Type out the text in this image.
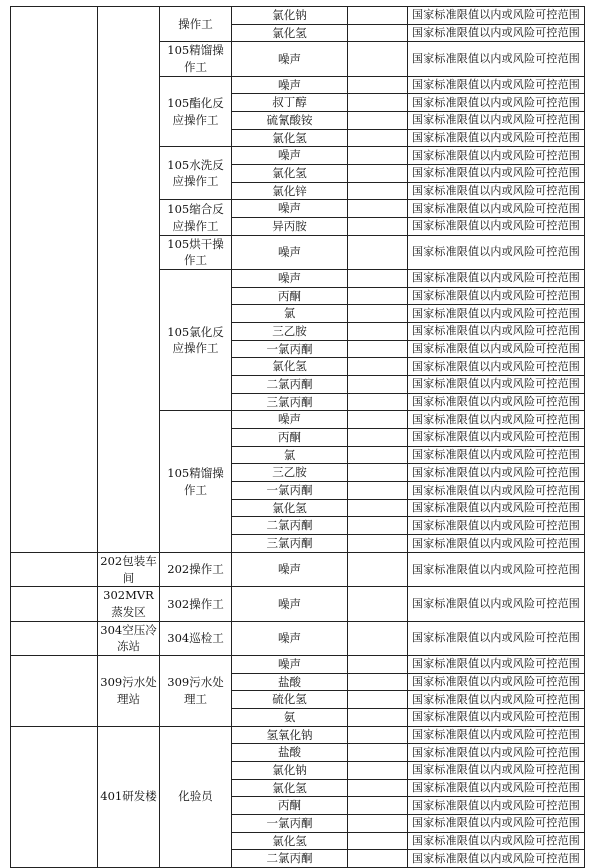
		操作工	氯化钠		国家标准限值以内或风险可控范围
			氯化氢		国家标准限值以内或风险可控范围
		105精馏操作工	噪声		国家标准限值以内或风险可控范围
		105酯化反应操作工	噪声		国家标准限值以内或风险可控范围
			叔丁醇		国家标准限值以内或风险可控范围
			硫氰酸铵		国家标准限值以内或风险可控范围
			氯化氢		国家标准限值以内或风险可控范围
		105水洗反应操作工	噪声		国家标准限值以内或风险可控范围
			氯化氢		国家标准限值以内或风险可控范围
			氯化锌		国家标准限值以内或风险可控范围
		105缩合反应操作工	噪声		国家标准限值以内或风险可控范围
			异丙胺		国家标准限值以内或风险可控范围
		105烘干操作工	噪声		国家标准限值以内或风险可控范围
		105氯化反应操作工	噪声		国家标准限值以内或风险可控范围
			丙酮		国家标准限值以内或风险可控范围
			氯		国家标准限值以内或风险可控范围
			三乙胺		国家标准限值以内或风险可控范围
			一氯丙酮		国家标准限值以内或风险可控范围
			氯化氢		国家标准限值以内或风险可控范围
			二氯丙酮		国家标准限值以内或风险可控范围
			三氯丙酮		国家标准限值以内或风险可控范围
		105精馏操作工	噪声		国家标准限值以内或风险可控范围
			丙酮		国家标准限值以内或风险可控范围
			氯		国家标准限值以内或风险可控范围
			三乙胺		国家标准限值以内或风险可控范围
			一氯丙酮		国家标准限值以内或风险可控范围
			氯化氢		国家标准限值以内或风险可控范围
			二氯丙酮		国家标准限值以内或风险可控范围
			三氯丙酮		国家标准限值以内或风险可控范围
	202包装车间	202操作工	噪声		国家标准限值以内或风险可控范围
	302MVR蒸发区	302操作工	噪声		国家标准限值以内或风险可控范围
	304空压冷冻站	304巡检工	噪声		国家标准限值以内或风险可控范围
	309污水处理站	309污水处理工	噪声		国家标准限值以内或风险可控范围
			盐酸		国家标准限值以内或风险可控范围
			硫化氢		国家标准限值以内或风险可控范围
			氨		国家标准限值以内或风险可控范围
	401研发楼	化验员	氢氧化钠		国家标准限值以内或风险可控范围
			盐酸		国家标准限值以内或风险可控范围
			氯化钠		国家标准限值以内或风险可控范围
			氯化氢		国家标准限值以内或风险可控范围
			丙酮		国家标准限值以内或风险可控范围
			一氯丙酮		国家标准限值以内或风险可控范围
			氯化氢		国家标准限值以内或风险可控范围
			二氯丙酮		国家标准限值以内或风险可控范围
